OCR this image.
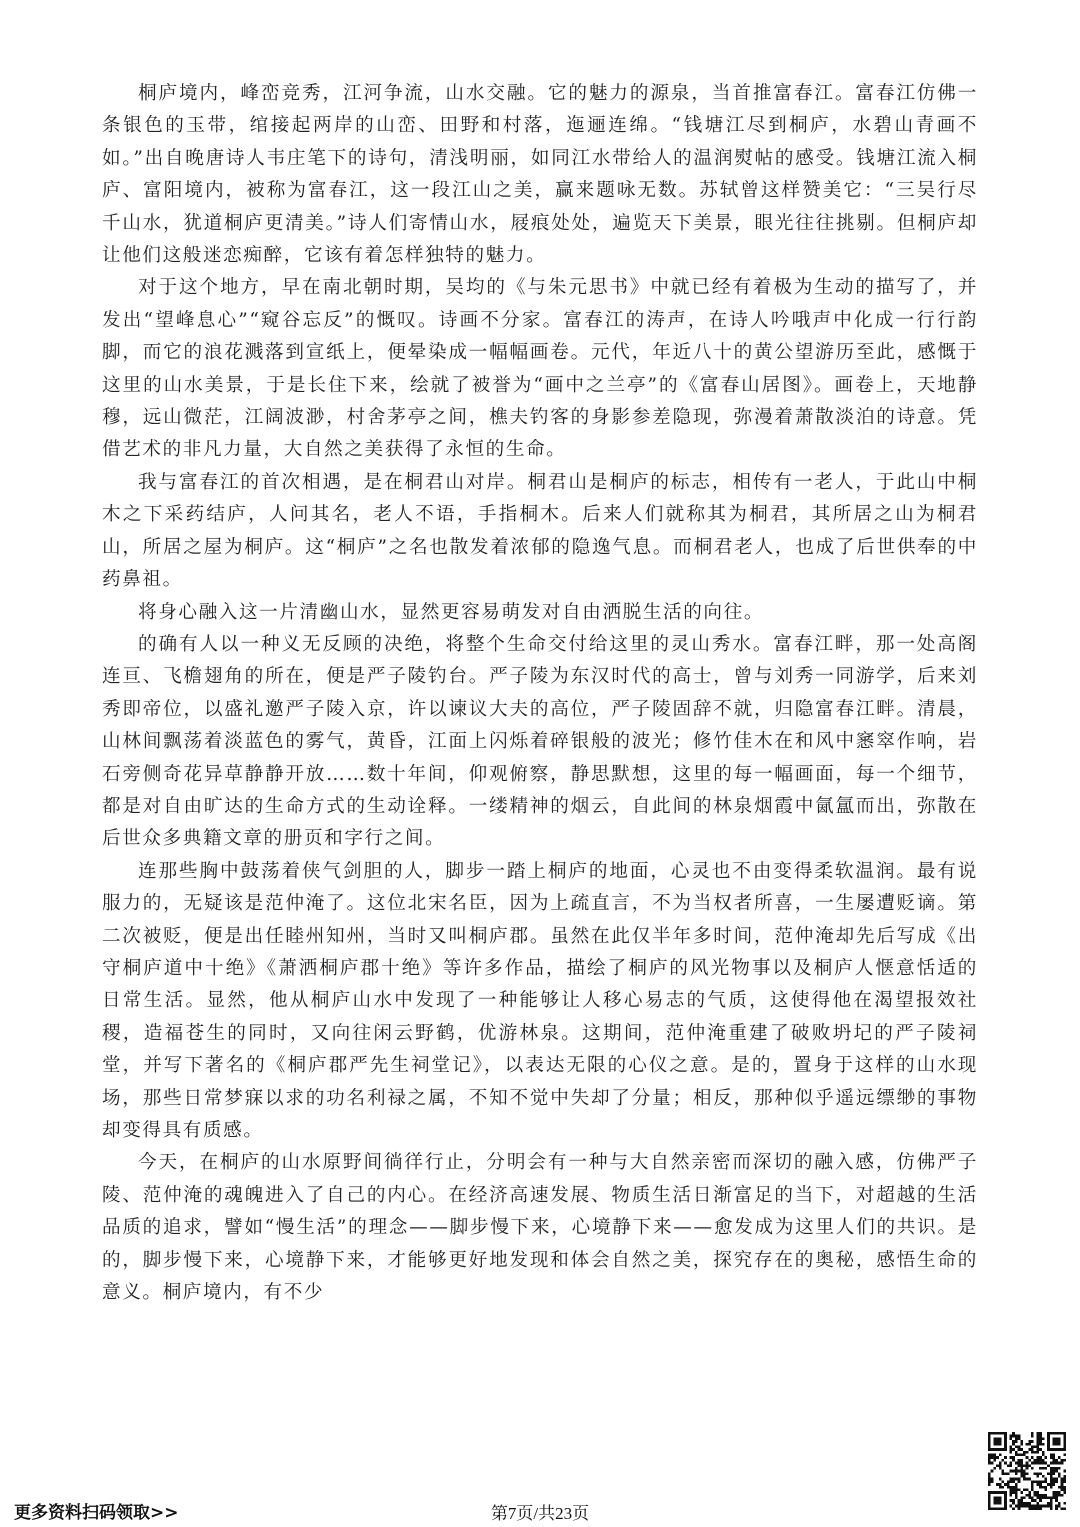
桐庐境内，峰峦竞秀，江河争流，山水交融。它的魅力的源泉，当首推富春江。富春江仿佛一条银色的玉带，绾接起两岸的山峦、田野和村落，迤逦连绵。“钱塘江尽到桐庐，水碧山青画不如。”出自晚唐诗人韦庄笔下的诗句，清浅明丽，如同江水带给人的温润熨帖的感受。钱塘江流入桐庐、富阳境内，被称为富春江，这一段江山之美，赢来题咏无数。苏轼曾这样赞美它：“三吴行尽千山水，犹道桐庐更清美。”诗人们寄情山水，屐痕处处，遍览天下美景，眼光往往挑剔。但桐庐却让他们这般迷恋痴醉，它该有着怎样独特的魅力。

对于这个地方，早在南北朝时期，吴均的《与朱元思书》中就已经有着极为生动的描写了，并发出“望峰息心”“窥谷忘反”的慨叹。诗画不分家。富春江的涛声，在诗人吟哦声中化成一行行韵脚，而它的浪花溅落到宣纸上，便晕染成一幅幅画卷。元代，年近八十的黄公望游历至此，感慨于这里的山水美景，于是长住下来，绘就了被誉为“画中之兰亭”的《富春山居图》。画卷上，天地静穆，远山微茫，江阔波渺，村舍茅亭之间，樵夫钓客的身影参差隐现，弥漫着萧散淡泊的诗意。凭借艺术的非凡力量，大自然之美获得了永恒的生命。

我与富春江的首次相遇，是在桐君山对岸。桐君山是桐庐的标志，相传有一老人，于此山中桐木之下采药结庐，人问其名，老人不语，手指桐木。后来人们就称其为桐君，其所居之山为桐君山，所居之屋为桐庐。这“桐庐”之名也散发着浓郁的隐逸气息。而桐君老人，也成了后世供奉的中药鼻祖。

将身心融入这一片清幽山水，显然更容易萌发对自由洒脱生活的向往。

的确有人以一种义无反顾的决绝，将整个生命交付给这里的灵山秀水。富春江畔，那一处高阁连亘、飞檐翅角的所在，便是严子陵钓台。严子陵为东汉时代的高士，曾与刘秀一同游学，后来刘秀即帝位，以盛礼邀严子陵入京，许以谏议大夫的高位，严子陵固辞不就，归隐富春江畔。清晨，山林间飘荡着淡蓝色的雾气，黄昏，江面上闪烁着碎银般的波光；修竹佳木在和风中窸窣作响，岩石旁侧奇花异草静静开放……数十年间，仰观俯察，静思默想，这里的每一幅画面，每一个细节，都是对自由旷达的生命方式的生动诠释。一缕精神的烟云，自此间的林泉烟霞中氤氲而出，弥散在后世众多典籍文章的册页和字行之间。

连那些胸中鼓荡着侠气剑胆的人，脚步一踏上桐庐的地面，心灵也不由变得柔软温润。最有说服力的，无疑该是范仲淹了。这位北宋名臣，因为上疏直言，不为当权者所喜，一生屡遭贬谪。第二次被贬，便是出任睦州知州，当时又叫桐庐郡。虽然在此仅半年多时间，范仲淹却先后写成《出守桐庐道中十绝》《萧洒桐庐郡十绝》等许多作品，描绘了桐庐的风光物事以及桐庐人惬意恬适的日常生活。显然，他从桐庐山水中发现了一种能够让人移心易志的气质，这使得他在渴望报效社稷，造福苍生的同时，又向往闲云野鹤，优游林泉。这期间，范仲淹重建了破败坍圮的严子陵祠堂，并写下著名的《桐庐郡严先生祠堂记》，以表达无限的心仪之意。是的，置身于这样的山水现场，那些日常梦寐以求的功名利禄之属，不知不觉中失却了分量；相反，那种似乎遥远缥缈的事物却变得具有质感。

今天，在桐庐的山水原野间徜徉行止，分明会有一种与大自然亲密而深切的融入感，仿佛严子陵、范仲淹的魂魄进入了自己的内心。在经济高速发展、物质生活日渐富足的当下，对超越的生活品质的追求，譬如“慢生活”的理念——脚步慢下来，心境静下来——愈发成为这里人们的共识。是的，脚步慢下来，心境静下来，才能够更好地发现和体会自然之美，探究存在的奥秘，感悟生命的意义。桐庐境内，有不少

更多资料扫码领取>>	第7页/共23页
